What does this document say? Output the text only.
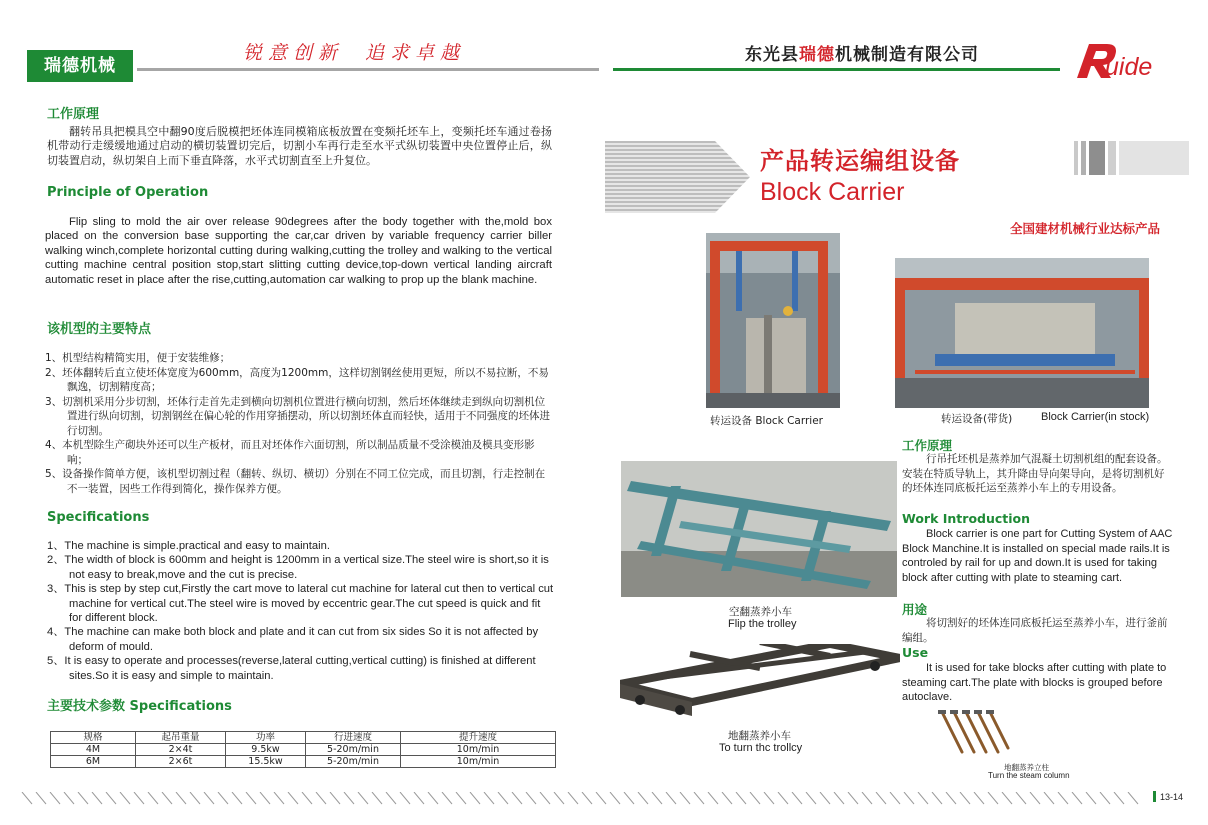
瑞德机械
锐意创新 追求卓越	东光县瑞德机械制造有限公司	uide
工作原理
翻转吊具把模具空中翻90度后脱模把坯体连同模箱底板放置在变频托坯车上，变频托坯车通过卷扬机带动行走缓缓地通过启动的横切装置切完后，切割小车再行走至水平式纵切装置中央位置停止后，纵切装置启动，纵切架自上而下垂直降落，水平式切割直至上升复位。
Principle of Operation
Flip sling to mold the air over release 90degrees after the body together with the,mold box placed on the conversion base supporting the car,car driven by variable frequency carrier biller walking winch,complete horizontal cutting during walking,cutting the trolley and walking to the vertical cutting machine central position stop,start slitting cutting device,top-down vertical landing aircraft automatic reset in place after the rise,cutting,automation car walking to prop up the blank machine.
该机型的主要特点
1、机型结构精简实用，便于安装维修；
2、坯体翻转后直立使坯体宽度为600mm，高度为1200mm，这样切割钢丝使用更短，所以不易拉断，不易飘逸，切割精度高；
3、切割机采用分步切割，坯体行走首先走到横向切割机位置进行横向切割，然后坯体继续走到纵向切割机位置进行纵向切割，切割钢丝在偏心轮的作用穿插摆动，所以切割坯体直而轻快，适用于不同强度的坯体进行切割。
4、本机型除生产砌块外还可以生产板材，而且对坯体作六面切割，所以制品质量不受涂模油及模具变形影响；
5、设备操作简单方便，该机型切割过程（翻转、纵切、横切）分别在不同工位完成，而且切割，行走控制在不一装置，因些工作得到简化，操作保养方便。
Specifications
1、The machine is simple.practical and easy to maintain.
2、The width of block is 600mm and height is 1200mm in a vertical size.The steel wire is short,so it is not easy to break,move and the cut is precise.
3、This is step by step cut,Firstly the cart move to lateral cut machine for lateral cut then to vertical cut machine for vertical cut.The steel wire is moved by eccentric gear.The cut speed is quick and fit for different block.
4、The machine can make both block and plate and it can cut from six sides So it is not affected by deform of mould.
5、It is easy to operate and processes(reverse,lateral cutting,vertical cutting) is finished at different sites.So it is easy and simple to maintain.
主要技术参数 Specifications
规格	起吊重量	功率	行进速度	提升速度
4M	2×4t	9.5kw	5-20m/min	10m/min
6M	2×6t	15.5kw	5-20m/min	10m/min
产品转运编组设备
Block Carrier
全国建材机械行业达标产品
转运设备 Block Carrier	转运设备(带货)	Block Carrier(in stock)
工作原理
行吊托坯机是蒸养加气混凝土切割机组的配套设备。安装在特质导轨上，其升降由导向架导向，是将切割机好的坯体连同底板托运至蒸养小车上的专用设备。
Work Introduction
Block carrier is one part for Cutting System of AAC Block Manchine.It is installed on special made rails.It is controled by rail for up and down.It is used for taking block after cutting with plate to steaming cart.
用途
将切割好的坯体连同底板托运至蒸养小车，进行釜前编组。
Use
It is used for take blocks after cutting with plate to steaming cart.The plate with blocks is grouped before autoclave.
空翻蒸养小车
Flip the trolley
地翻蒸养小车
To turn thc trollcy
地翻蒸养立柱
Turn the steam column
13-14
